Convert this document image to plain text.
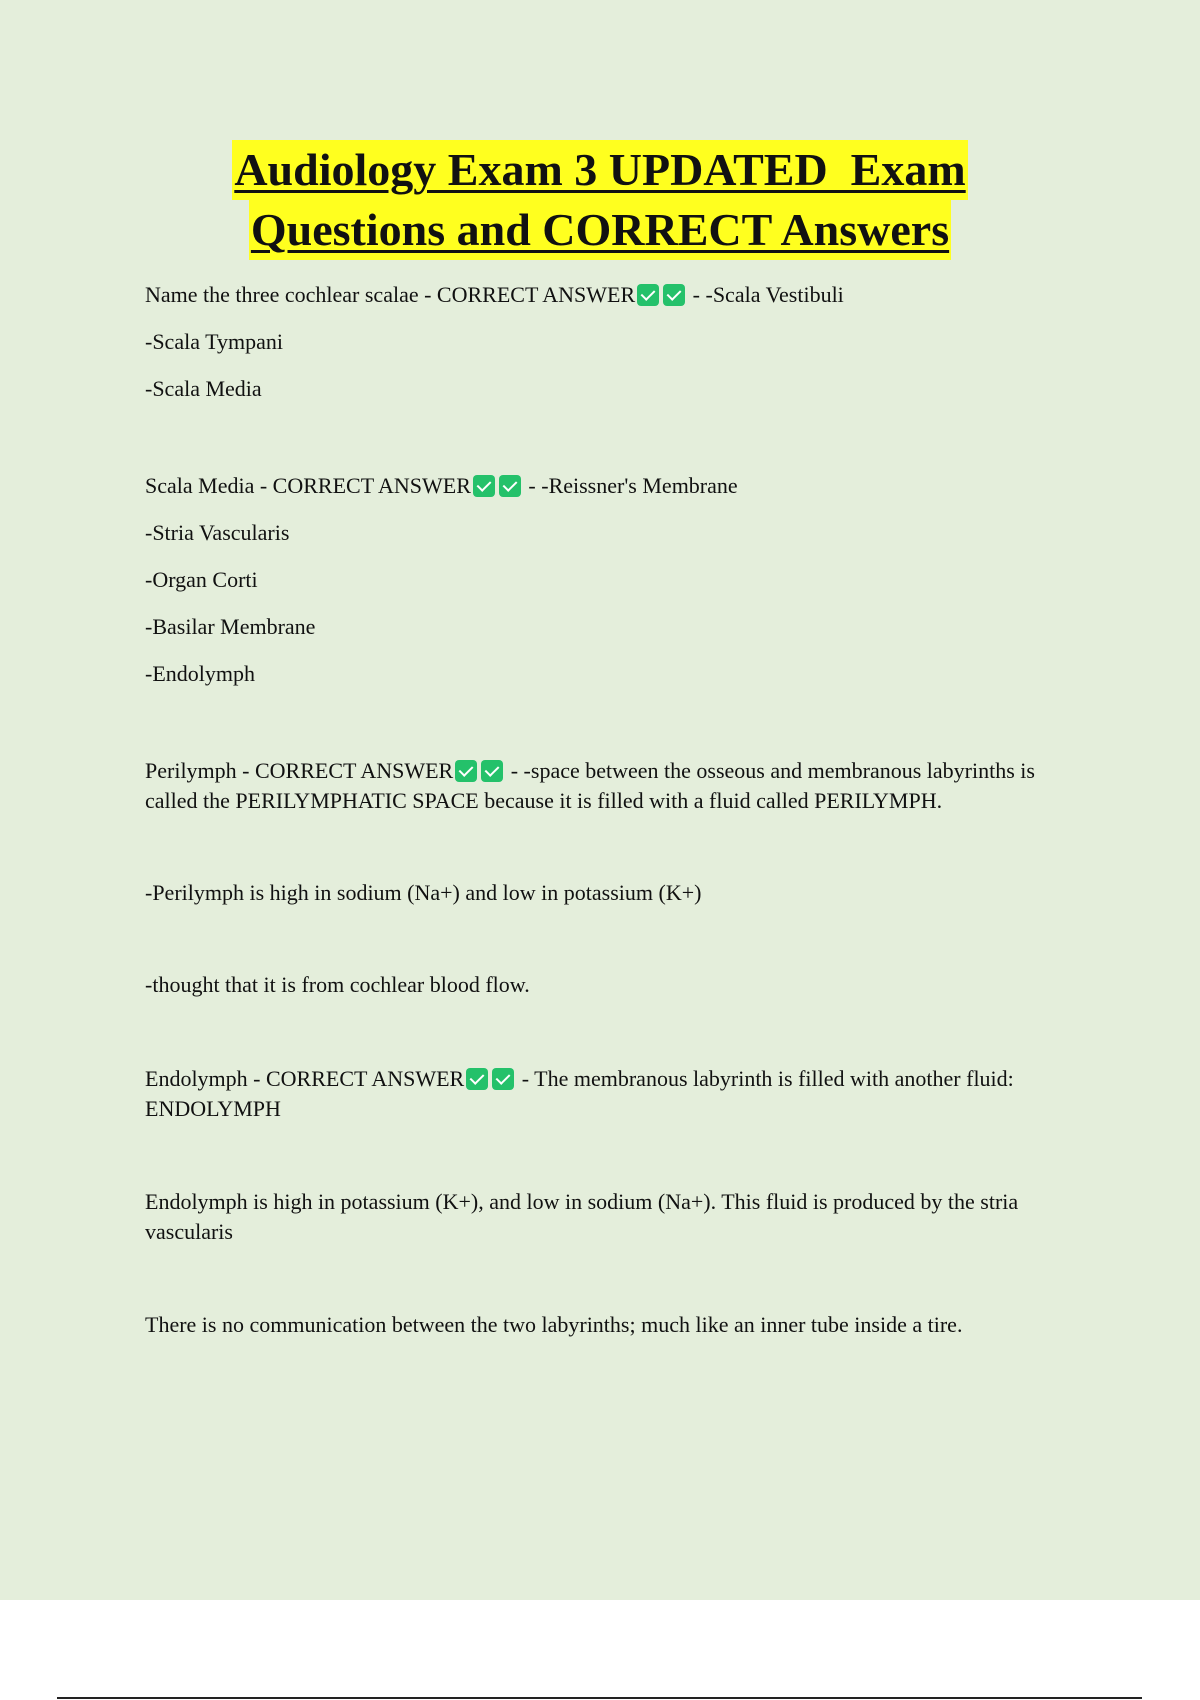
Audiology Exam 3 UPDATED  Exam
Questions and CORRECT Answers

Name the three cochlear scalae - CORRECT ANSWER - -Scala Vestibuli

-Scala Tympani

-Scala Media

Scala Media - CORRECT ANSWER - -Reissner's Membrane

-Stria Vascularis

-Organ Corti

-Basilar Membrane

-Endolymph

Perilymph - CORRECT ANSWER - -space between the osseous and membranous labyrinths is called the PERILYMPHATIC SPACE because it is filled with a fluid called PERILYMPH.

-Perilymph is high in sodium (Na+) and low in potassium (K+)

-thought that it is from cochlear blood flow.

Endolymph - CORRECT ANSWER - The membranous labyrinth is filled with another fluid: ENDOLYMPH

Endolymph is high in potassium (K+), and low in sodium (Na+). This fluid is produced by the stria vascularis

There is no communication between the two labyrinths; much like an inner tube inside a tire.
